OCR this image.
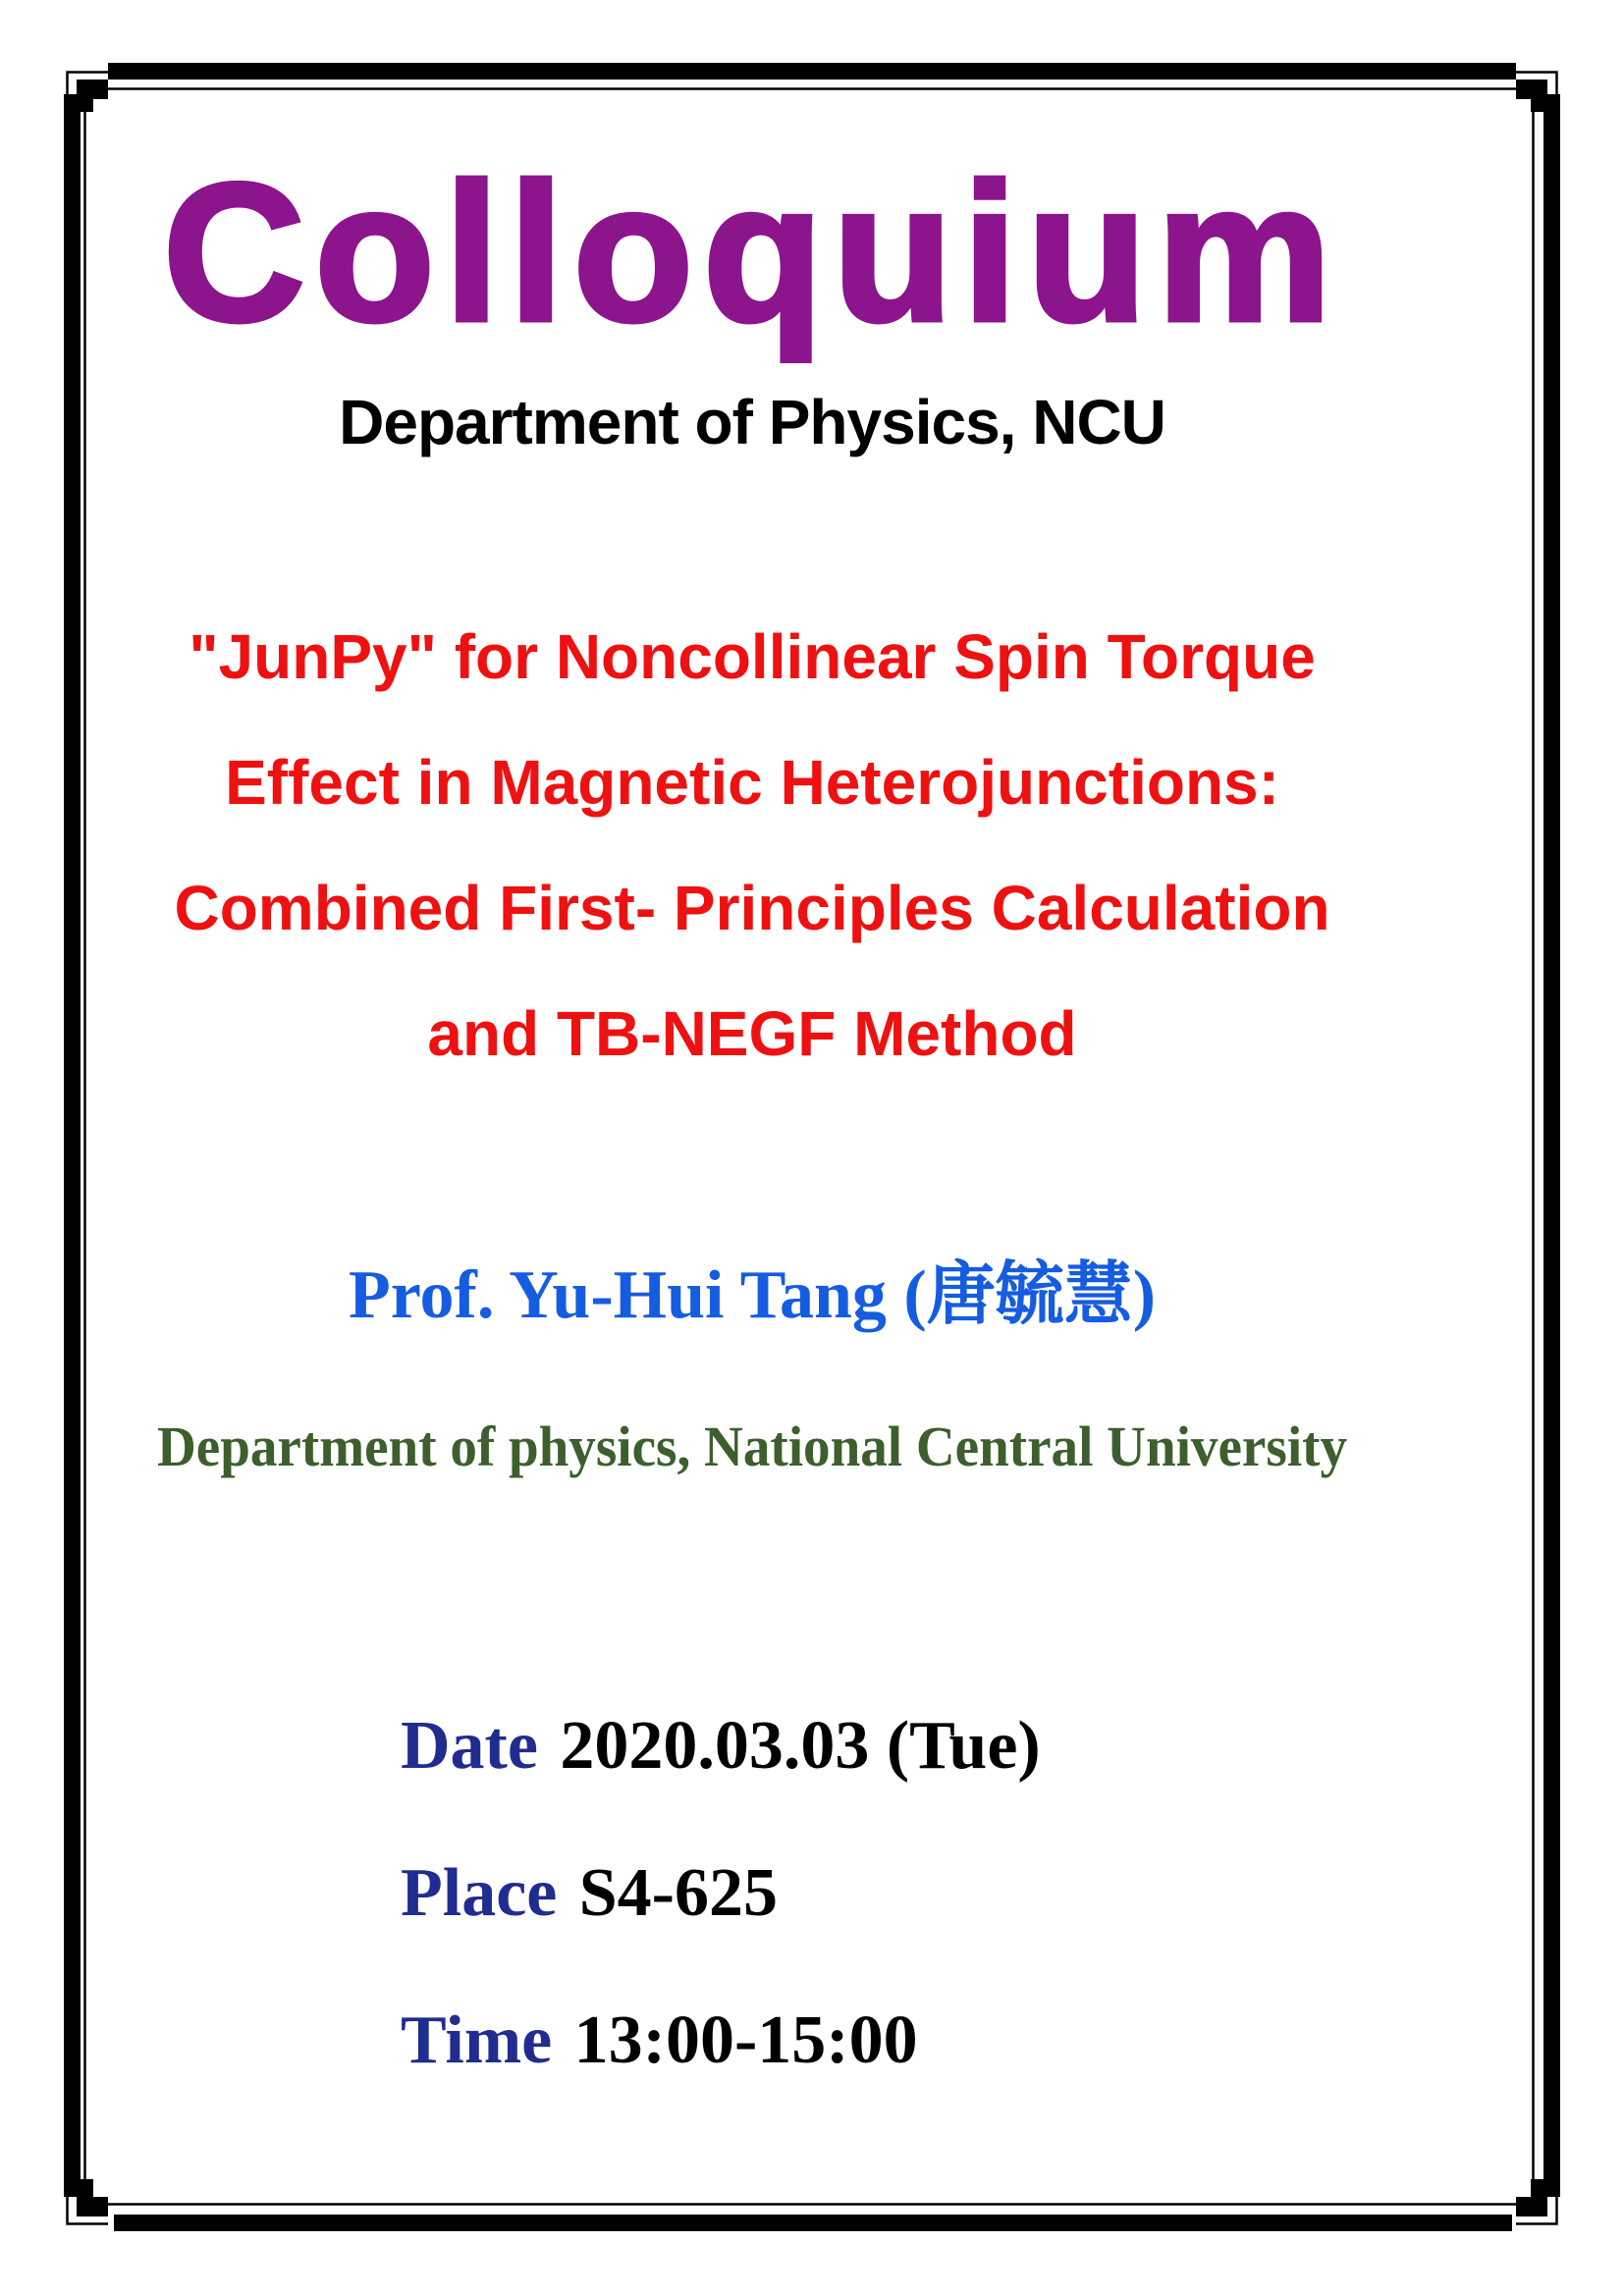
Colloquium
Department of Physics, NCU
"JunPy" for Noncollinear Spin Torque
Effect in Magnetic Heterojunctions:
Combined First- Principles Calculation
and TB-NEGF Method
Prof. Yu-Hui Tang (唐毓慧)
Department of physics, National Central University
Date 2020.03.03 (Tue)
Place S4-625
Time 13:00-15:00
